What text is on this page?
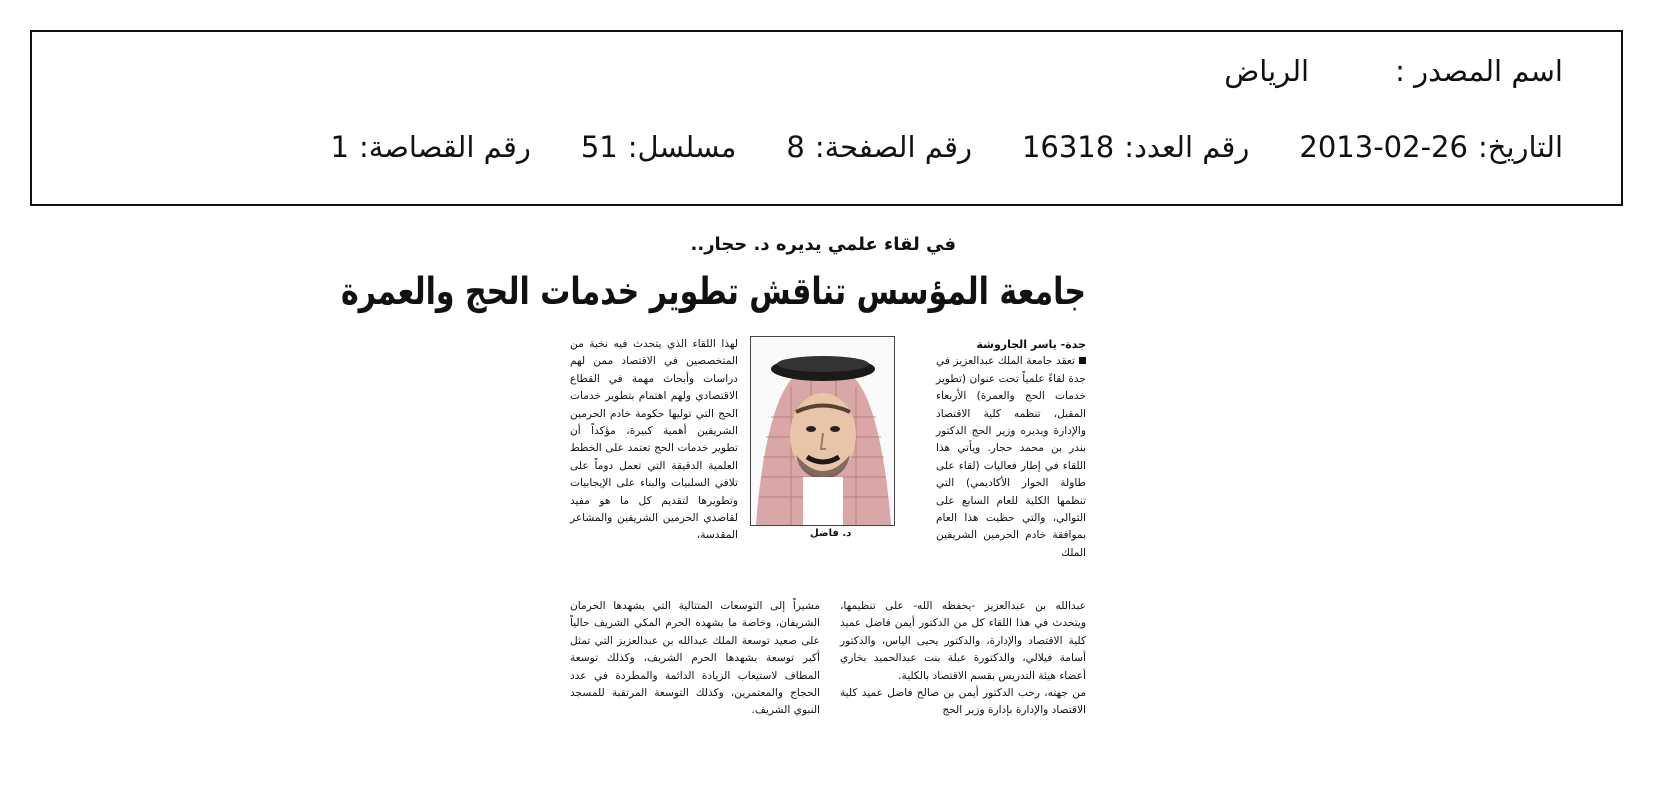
اسم المصدر :
الرياض
التاريخ:
2013-02-26
رقم العدد:
16318
رقم الصفحة:
8
مسلسل:
51
رقم القصاصة:
1
في لقاء علمي يديره د. حجار..
جامعة المؤسس تناقش تطوير خدمات الحج والعمرة

جدة- ياسر الجاروشة

تعقد جامعة الملك عبدالعزيز في جدة لقاءً علمياً تحت عنوان (تطوير خدمات الحج والعمرة) الأربعاء المقبل، تنظمه كلية الاقتصاد والإدارة ويديره وزير الحج الدكتور بندر بن محمد حجار. ويأتي هذا اللقاء في إطار فعاليات (لقاء على طاولة الحوار الأكاديمي) التي تنظمها الكلية للعام السابع على التوالي، والتي حظيت هذا العام بموافقة خادم الحرمين الشريفين الملك

د. فاضل

لهذا اللقاء الذي يتحدث فيه نخبة من المتخصصين في الاقتصاد ممن لهم دراسات وأبحاث مهمة في القطاع الاقتصادي ولهم اهتمام بتطوير خدمات الحج التي توليها حكومة خادم الحرمين الشريفين أهمية كبيرة، مؤكداً أن تطوير خدمات الحج تعتمد على الخطط العلمية الدقيقة التي تعمل دوماً على تلافي السلبيات والبناء على الإيجابيات وتطويرها لتقديم كل ما هو مفيد لقاصدي الحرمين الشريفين والمشاعر المقدسة،

عبدالله بن عبدالعزيز -يحفظه الله- على تنظيمها، ويتحدث في هذا اللقاء كل من الدكتور أيمن فاضل عميد كلية الاقتصاد والإدارة، والدكتور يحيى الياس، والدكتور أسامة فيلالي، والدكتورة عبلة بنت عبدالحميد بخاري أعضاء هيئة التدريس بقسم الاقتصاد بالكلية.

من جهته، رحب الدكتور أيمن بن صالح فاضل عميد كلية الاقتصاد والإدارة بإدارة وزير الحج

مشيراً إلى التوسعات المتتالية التي يشهدها الحرمان الشريفان، وخاصة ما يشهده الحرم المكي الشريف حالياً على صعيد توسعة الملك عبدالله بن عبدالعزيز التي تمثل أكبر توسعة يشهدها الحرم الشريف، وكذلك توسعة المطاف لاستيعاب الزيادة الدائمة والمطردة في عدد الحجاج والمعتمرين، وكذلك التوسعة المرتقبة للمسجد النبوي الشريف.
